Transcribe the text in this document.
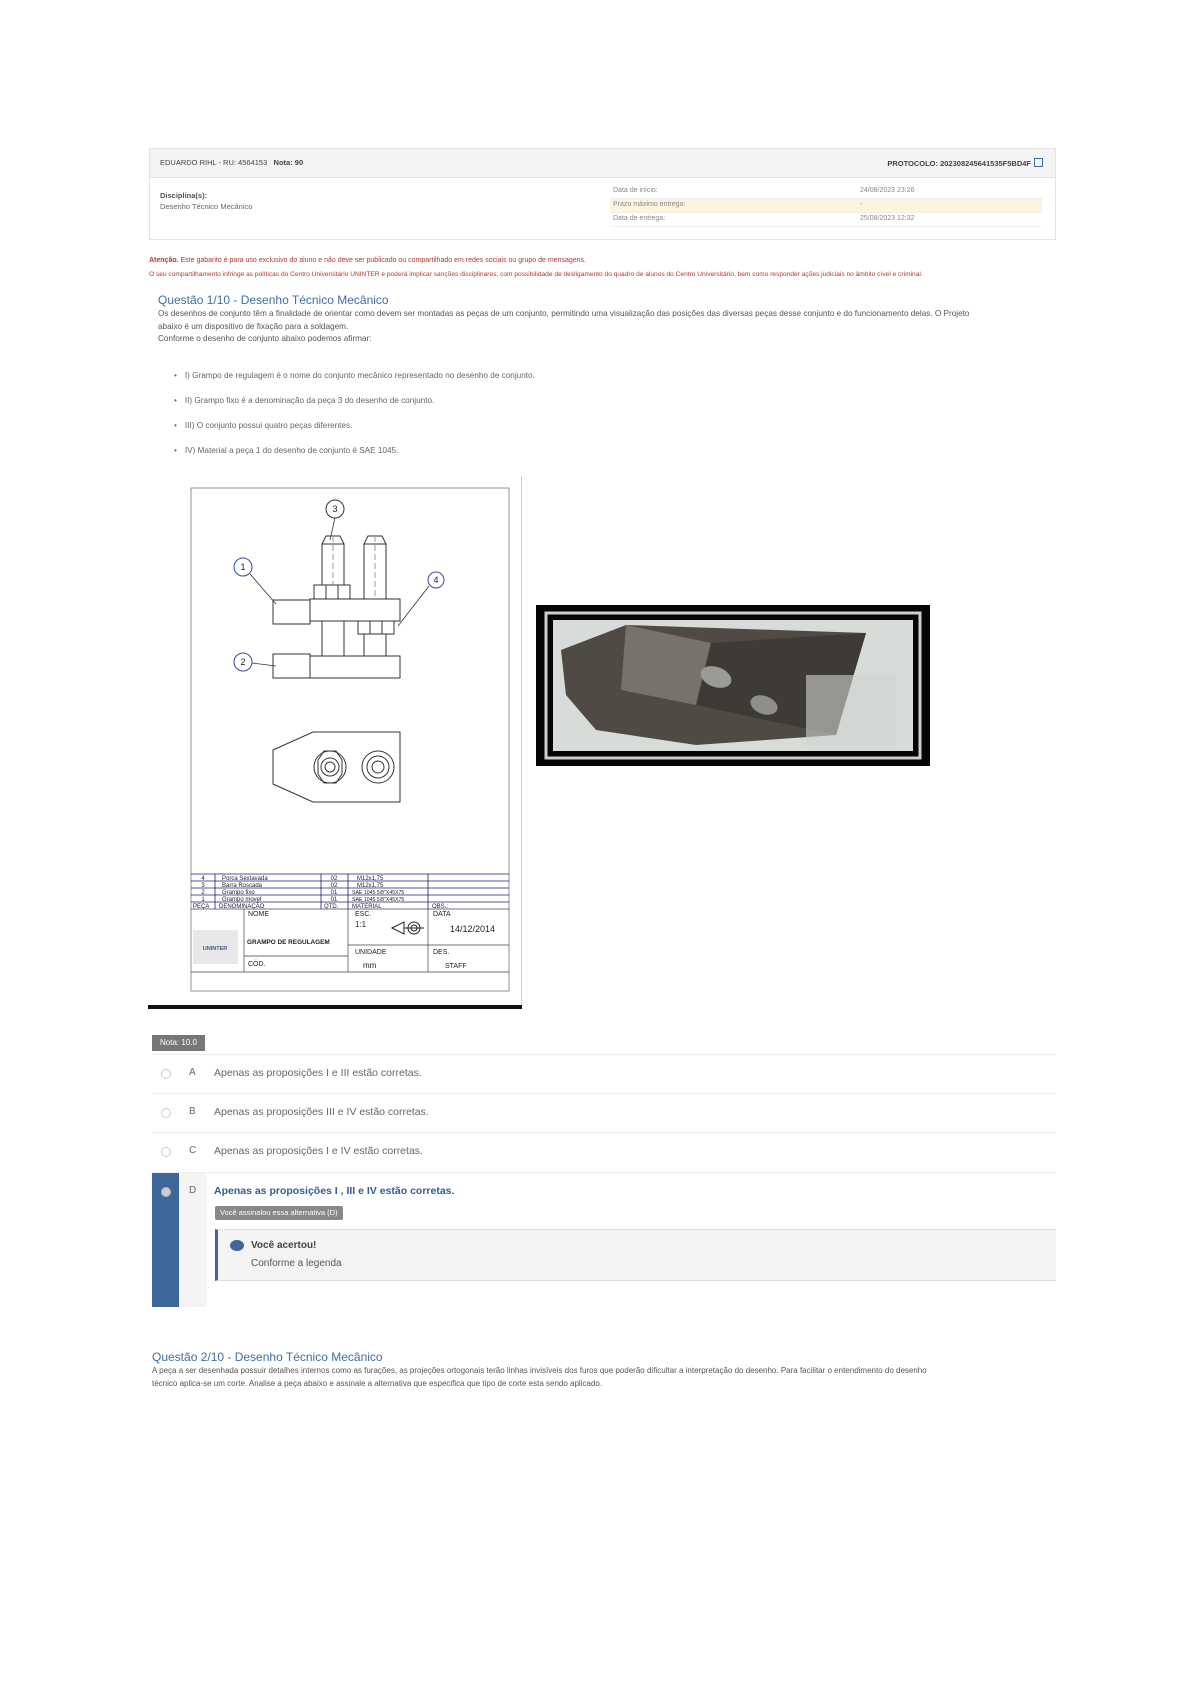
EDUARDO RIHL - RU: 4564153 Nota: 90	PROTOCOLO: 202308245641535F5BD4F
Disciplina(s):
Desenho Técnico Mecânico
Data de início:	24/08/2023 23:26
Prazo máximo entrega:	-
Data de entrega:	25/08/2023 12:32
Atenção. Este gabarito é para uso exclusivo do aluno e não deve ser publicado ou compartilhado em redes sociais ou grupo de mensagens.
O seu compartilhamento infringe as políticas do Centro Universitário UNINTER e poderá implicar sanções disciplinares, com possibilidade de desligamento do quadro de alunos do Centro Universitário, bem como responder ações judiciais no âmbito cível e criminal.
Questão 1/10 - Desenho Técnico Mecânico
Os desenhos de conjunto têm a finalidade de orientar como devem ser montadas as peças de um conjunto, permitindo uma visualização das posições das diversas peças desse conjunto e do funcionamento delas. O Projeto
abaixo é um dispositivo de fixação para a soldagem.
Conforme o desenho de conjunto abaixo podemos afirmar:
• I) Grampo de regulagem é o nome do conjunto mecânico representado no desenho de conjunto.
• II) Grampo fixo é a denominação da peça 3 do desenho de conjunto.
• III) O conjunto possui quatro peças diferentes.
• IV) Material a peça 1 do desenho de conjunto é SAE 1045.
3
1
4
2
4	Porca Sextavada	02	M12x1,75
3	Barra Roscada	02	M12x1,75
2	Grampo fixo	01	SAE 1045 5/8"X45X75
1	Grampo movel	01	SAE 1045 5/8"X45X75
PEÇA DENOMINAÇÃO	QTD. MATERIAL	OBS.:
NOME
GRAMPO DE REGULAGEM
ESC.
1:1
DATA
14/12/2014
UNIDADE
mm
DES.
STAFF
CÓD.
UNINTER
Nota: 10.0
A Apenas as proposições I e III estão corretas.
B Apenas as proposições III e IV estão corretas.
C Apenas as proposições I e IV estão corretas.
D Apenas as proposições I , III e IV estão corretas.
Você assinalou essa alternativa (D)
Você acertou!
Conforme a legenda
Questão 2/10 - Desenho Técnico Mecânico
A peça a ser desenhada possuir detalhes internos como as furações, as projeções ortogonais terão linhas invisíveis dos furos que poderão dificultar a interpretação do desenho. Para facilitar o entendimento do desenho
técnico aplica-se um corte. Analise a peça abaixo e assinale a alternativa que especifica que tipo de corte esta sendo aplicado.
